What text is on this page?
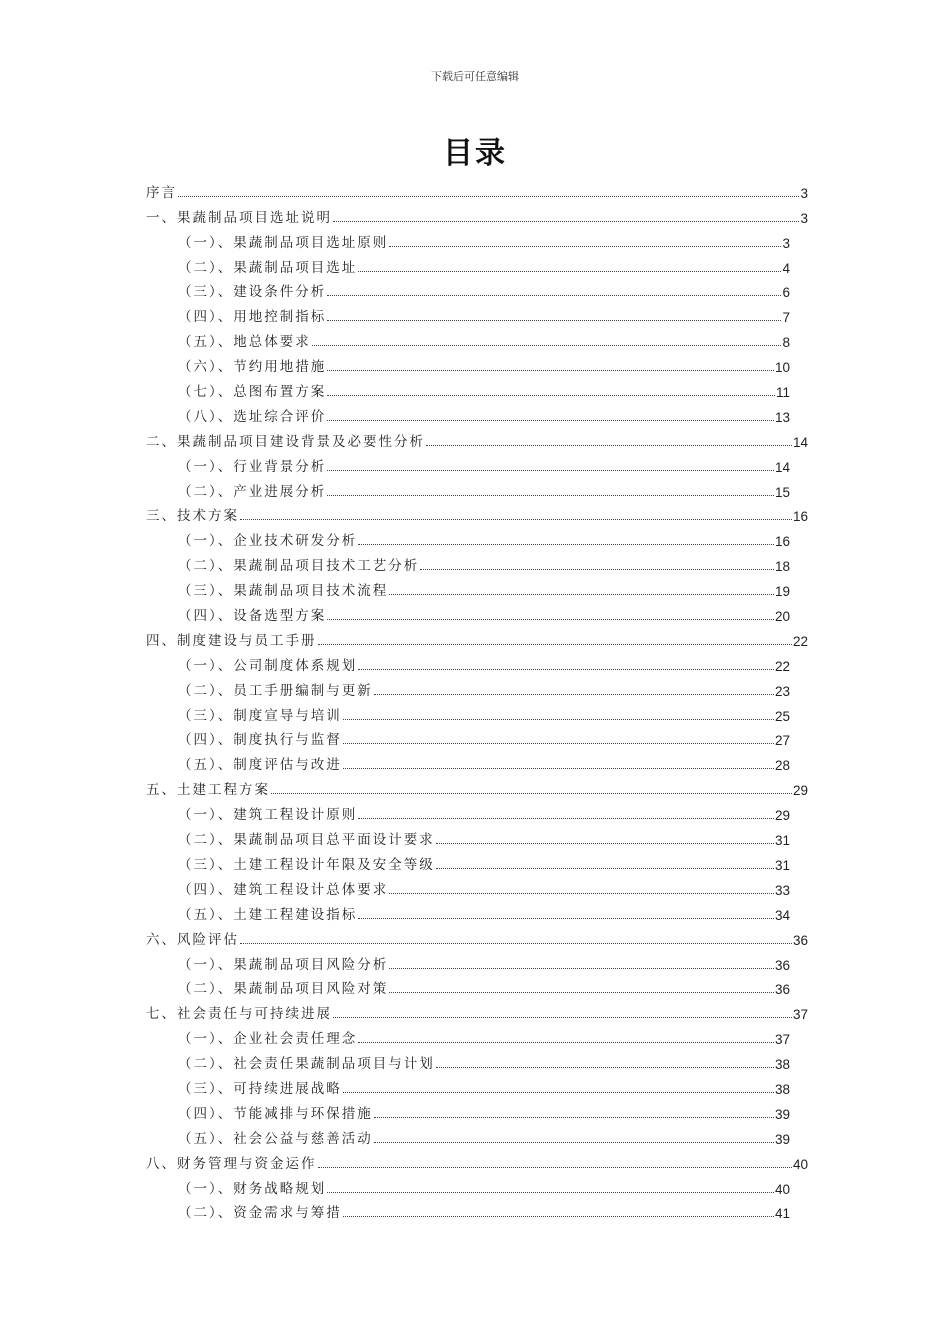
下载后可任意编辑
目录
序言	3
一、果蔬制品项目选址说明	3
（一）、果蔬制品项目选址原则	3
（二）、果蔬制品项目选址	4
（三）、建设条件分析	6
（四）、用地控制指标	7
（五）、地总体要求	8
（六）、节约用地措施	10
（七）、总图布置方案	11
（八）、选址综合评价	13
二、果蔬制品项目建设背景及必要性分析	14
（一）、行业背景分析	14
（二）、产业进展分析	15
三、技术方案	16
（一）、企业技术研发分析	16
（二）、果蔬制品项目技术工艺分析	18
（三）、果蔬制品项目技术流程	19
（四）、设备选型方案	20
四、制度建设与员工手册	22
（一）、公司制度体系规划	22
（二）、员工手册编制与更新	23
（三）、制度宣导与培训	25
（四）、制度执行与监督	27
（五）、制度评估与改进	28
五、土建工程方案	29
（一）、建筑工程设计原则	29
（二）、果蔬制品项目总平面设计要求	31
（三）、土建工程设计年限及安全等级	31
（四）、建筑工程设计总体要求	33
（五）、土建工程建设指标	34
六、风险评估	36
（一）、果蔬制品项目风险分析	36
（二）、果蔬制品项目风险对策	36
七、社会责任与可持续进展	37
（一）、企业社会责任理念	37
（二）、社会责任果蔬制品项目与计划	38
（三）、可持续进展战略	38
（四）、节能减排与环保措施	39
（五）、社会公益与慈善活动	39
八、财务管理与资金运作	40
（一）、财务战略规划	40
（二）、资金需求与筹措	41
